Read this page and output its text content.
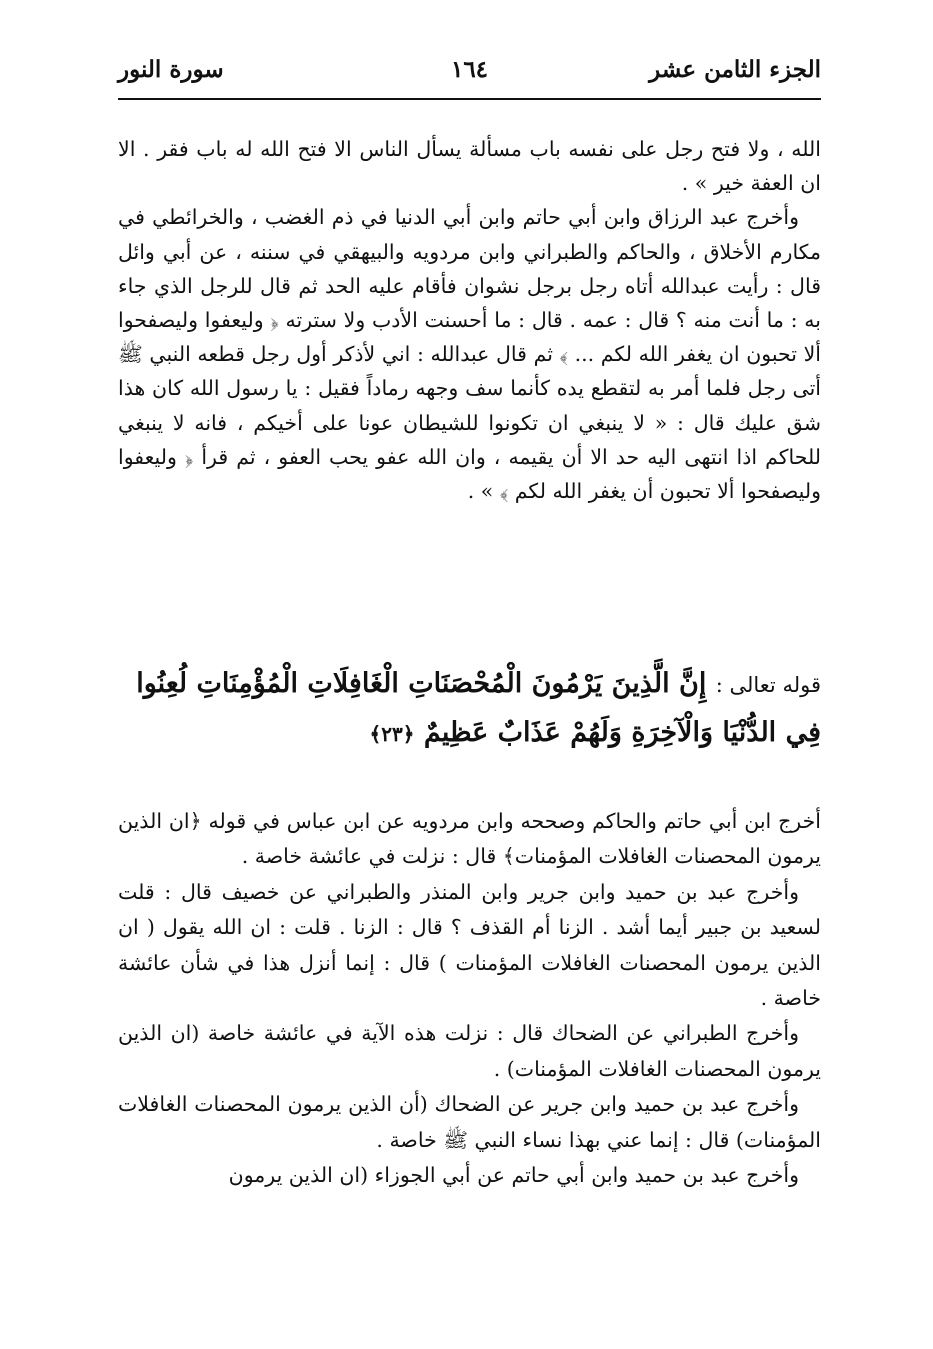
الجزء الثامن عشر
١٦٤
سورة النور

الله ، ولا فتح رجل على نفسه باب مسألة يسأل الناس الا فتح الله له باب فقر . الا ان العفة خير » .

وأخرج عبد الرزاق وابن أبي حاتم وابن أبي الدنيا في ذم الغضب ، والخرائطي في مكارم الأخلاق ، والحاكم والطبراني وابن مردويه والبيهقي في سننه ، عن أبي وائل قال : رأيت عبدالله أتاه رجل برجل نشوان فأقام عليه الحد ثم قال للرجل الذي جاء به : ما أنت منه ؟ قال : عمه . قال : ما أحسنت الأدب ولا سترته ﴿ وليعفوا وليصفحوا ألا تحبون ان يغفر الله لكم ... ﴾ ثم قال عبدالله : اني لأذكر أول رجل قطعه النبي ﷺ أتى رجل فلما أمر به لتقطع يده كأنما سف وجهه رماداً فقيل : يا رسول الله كان هذا شق عليك قال : « لا ينبغي ان تكونوا للشيطان عونا على أخيكم ، فانه لا ينبغي للحاكم اذا انتهى اليه حد الا أن يقيمه ، وان الله عفو يحب العفو ، ثم قرأ ﴿ وليعفوا وليصفحوا ألا تحبون أن يغفر الله لكم ﴾ » .

قوله تعالى : إِنَّ الَّذِينَ يَرْمُونَ الْمُحْصَنَاتِ الْغَافِلَاتِ الْمُؤْمِنَاتِ لُعِنُوا فِي الدُّنْيَا وَالْآخِرَةِ وَلَهُمْ عَذَابٌ عَظِيمٌ ﴿٢٣﴾

أخرج ابن أبي حاتم والحاكم وصححه وابن مردويه عن ابن عباس في قوله ﴿ان الذين يرمون المحصنات الغافلات المؤمنات﴾ قال : نزلت في عائشة خاصة .

وأخرج عبد بن حميد وابن جرير وابن المنذر والطبراني عن خصيف قال : قلت لسعيد بن جبير أيما أشد . الزنا أم القذف ؟ قال : الزنا . قلت : ان الله يقول ( ان الذين يرمون المحصنات الغافلات المؤمنات ) قال : إنما أنزل هذا في شأن عائشة خاصة .

وأخرج الطبراني عن الضحاك قال : نزلت هذه الآية في عائشة خاصة (ان الذين يرمون المحصنات الغافلات المؤمنات) .

وأخرج عبد بن حميد وابن جرير عن الضحاك (أن الذين يرمون المحصنات الغافلات المؤمنات) قال : إنما عني بهذا نساء النبي ﷺ خاصة .

وأخرج عبد بن حميد وابن أبي حاتم عن أبي الجوزاء (ان الذين يرمون
